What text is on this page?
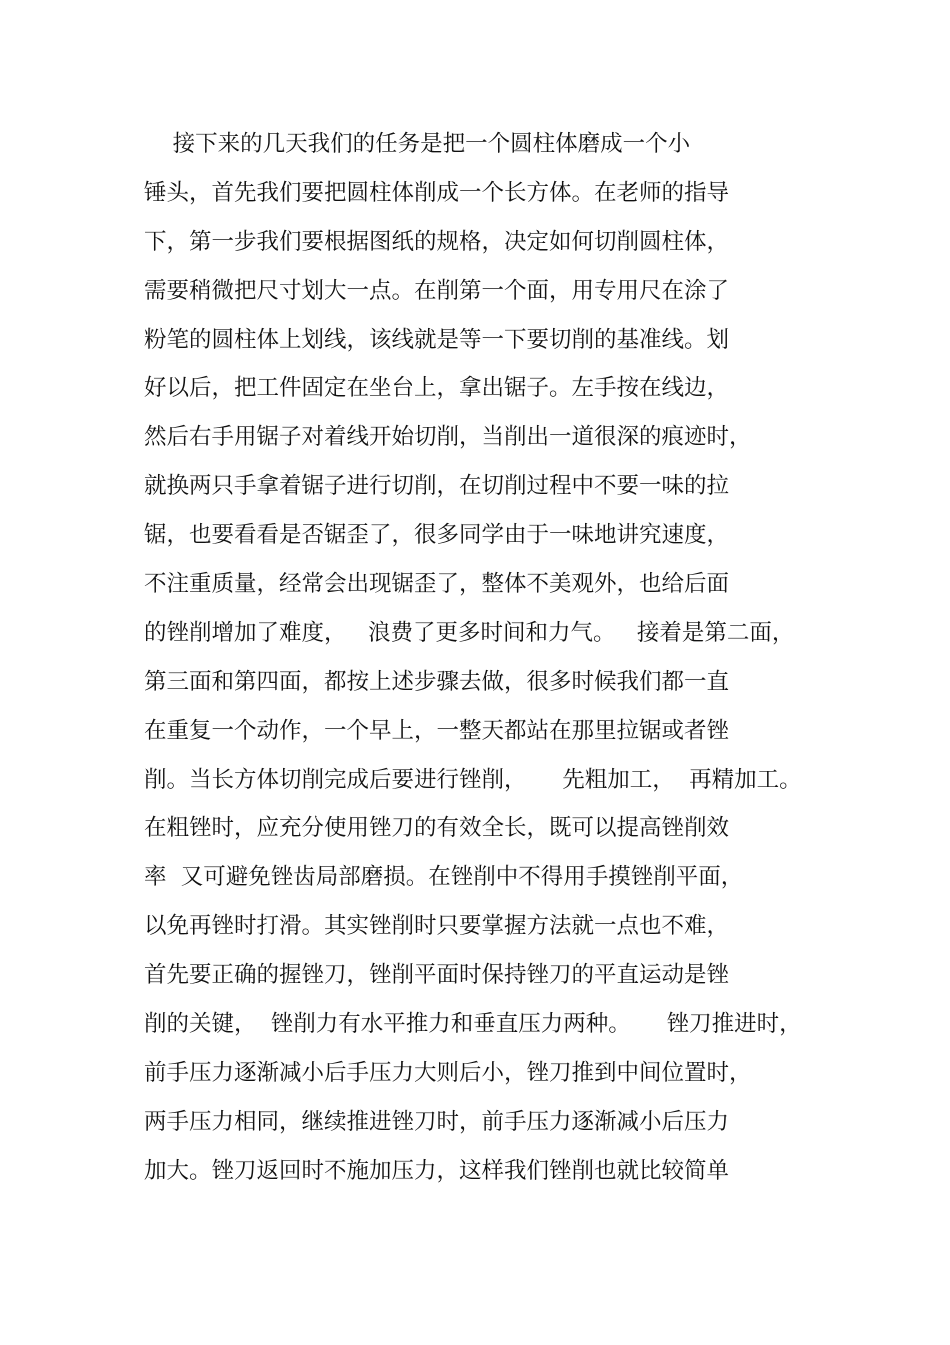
接下来的几天我们的任务是把一个圆柱体磨成一个小
锤头，首先我们要把圆柱体削成一个长方体。在老师的指导
下，第一步我们要根据图纸的规格，决定如何切削圆柱体，
需要稍微把尺寸划大一点。在削第一个面，用专用尺在涂了
粉笔的圆柱体上划线，该线就是等一下要切削的基准线。划
好以后，把工件固定在坐台上，拿出锯子。左手按在线边，
然后右手用锯子对着线开始切削，当削出一道很深的痕迹时，
就换两只手拿着锯子进行切削，在切削过程中不要一味的拉
锯，也要看看是否锯歪了，很多同学由于一味地讲究速度，
不注重质量，经常会出现锯歪了，整体不美观外，也给后面
的锉削增加了难度，   浪费了更多时间和力气。   接着是第二面，
第三面和第四面，都按上述步骤去做，很多时候我们都一直
在重复一个动作，一个早上，一整天都站在那里拉锯或者锉
削。当长方体切削完成后要进行锉削，     先粗加工，  再精加工。
在粗锉时，应充分使用锉刀的有效全长，既可以提高锉削效
率  又可避免锉齿局部磨损。在锉削中不得用手摸锉削平面，
以免再锉时打滑。其实锉削时只要掌握方法就一点也不难，
首先要正确的握锉刀，锉削平面时保持锉刀的平直运动是锉
削的关键，  锉削力有水平推力和垂直压力两种。     锉刀推进时，
前手压力逐渐减小后手压力大则后小，锉刀推到中间位置时，
两手压力相同，继续推进锉刀时，前手压力逐渐减小后压力
加大。锉刀返回时不施加压力，这样我们锉削也就比较简单
